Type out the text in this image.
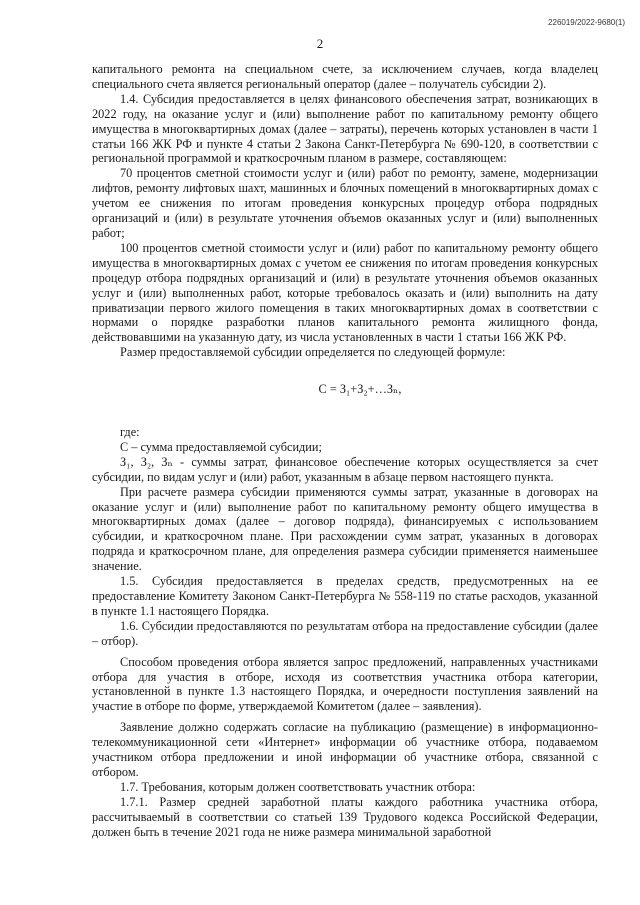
226019/2022-9680(1)
2

капитального ремонта на специальном счете, за исключением случаев, когда владелец специального счета является региональный оператор (далее – получатель субсидии 2).

1.4. Субсидия предоставляется в целях финансового обеспечения затрат, возникающих в 2022 году, на оказание услуг и (или) выполнение работ по капитальному ремонту общего имущества в многоквартирных домах (далее – затраты), перечень которых установлен в части 1 статьи 166 ЖК РФ и пункте 4 статьи 2 Закона Санкт-Петербурга № 690-120, в соответствии с региональной программой и краткосрочным планом в размере, составляющем:

70 процентов сметной стоимости услуг и (или) работ по ремонту, замене, модернизации лифтов, ремонту лифтовых шахт, машинных и блочных помещений в многоквартирных домах с учетом ее снижения по итогам проведения конкурсных процедур отбора подрядных организаций и (или) в результате уточнения объемов оказанных услуг и (или) выполненных работ;

100 процентов сметной стоимости услуг и (или) работ по капитальному ремонту общего имущества в многоквартирных домах с учетом ее снижения по итогам проведения конкурсных процедур отбора подрядных организаций и (или) в результате уточнения объемов оказанных услуг и (или) выполненных работ, которые требовалось оказать и (или) выполнить на дату приватизации первого жилого помещения в таких многоквартирных домах в соответствии с нормами о порядке разработки планов капитального ремонта жилищного фонда, действовавшими на указанную дату, из числа установленных в части 1 статьи 166 ЖК РФ.

Размер предоставляемой субсидии определяется по следующей формуле:

С = З₁+З₂+…Зₙ,

где:

С – сумма предоставляемой субсидии;

З₁, З₂, Зₙ - суммы затрат, финансовое обеспечение которых осуществляется за счет субсидии, по видам услуг и (или) работ, указанным в абзаце первом настоящего пункта.

При расчете размера субсидии применяются суммы затрат, указанные в договорах на оказание услуг и (или) выполнение работ по капитальному ремонту общего имущества в многоквартирных домах (далее – договор подряда), финансируемых с использованием субсидии, и краткосрочном плане. При расхождении сумм затрат, указанных в договорах подряда и краткосрочном плане, для определения размера субсидии применяется наименьшее значение.

1.5. Субсидия предоставляется в пределах средств, предусмотренных на ее предоставление Комитету Законом Санкт-Петербурга № 558-119 по статье расходов, указанной в пункте 1.1 настоящего Порядка.

1.6. Субсидии предоставляются по результатам отбора на предоставление субсидии (далее – отбор).

Способом проведения отбора является запрос предложений, направленных участниками отбора для участия в отборе, исходя из соответствия участника отбора категории, установленной в пункте 1.3 настоящего Порядка, и очередности поступления заявлений на участие в отборе по форме, утверждаемой Комитетом (далее – заявления).

Заявление должно содержать согласие на публикацию (размещение) в информационно-телекоммуникационной сети «Интернет» информации об участнике отбора, подаваемом участником отбора предложении и иной информации об участнике отбора, связанной с отбором.

1.7. Требования, которым должен соответствовать участник отбора:

1.7.1. Размер средней заработной платы каждого работника участника отбора, рассчитываемый в соответствии со статьей 139 Трудового кодекса Российской Федерации, должен быть в течение 2021 года не ниже размера минимальной заработной
